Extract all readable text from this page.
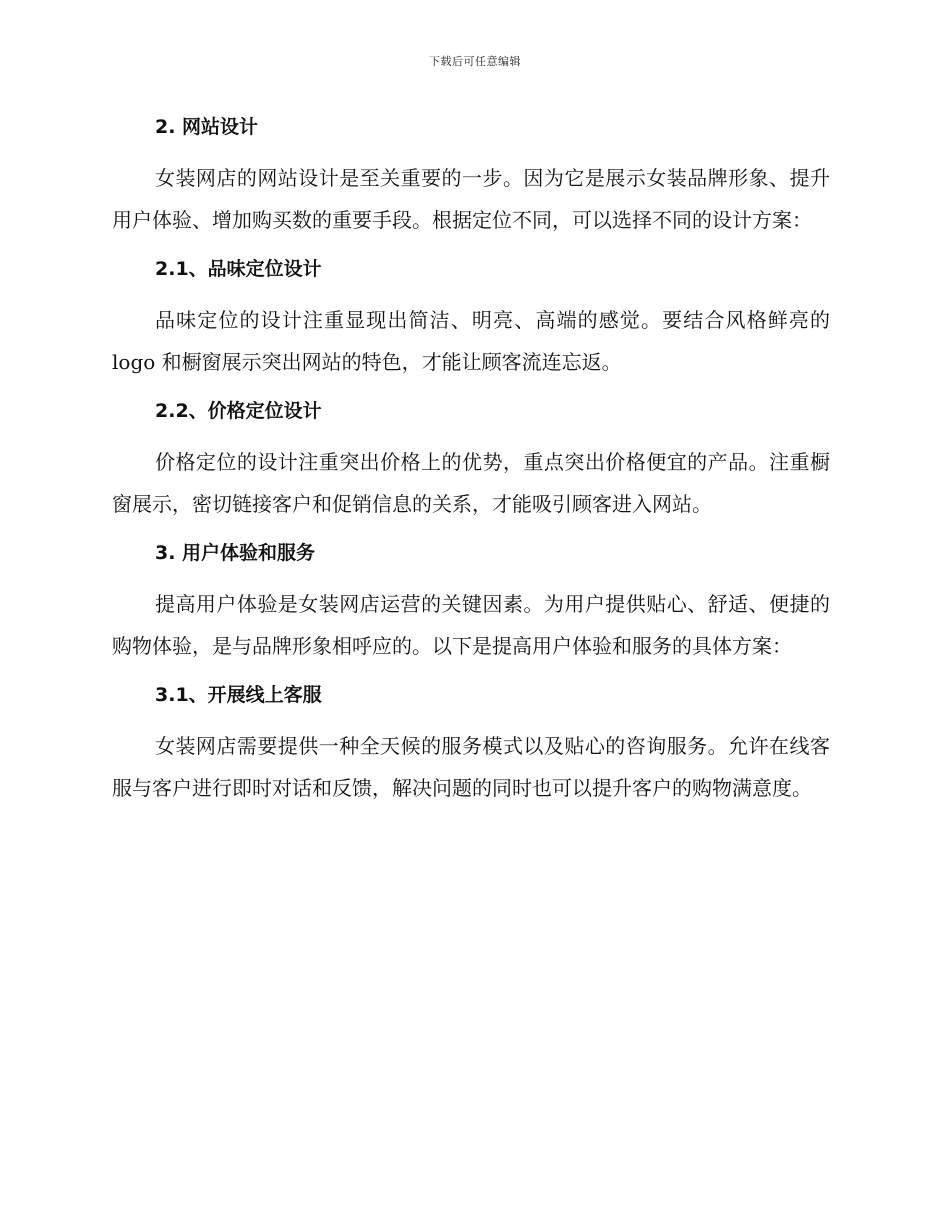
下载后可任意编辑
2. 网站设计

女装网店的网站设计是至关重要的一步。因为它是展示女装品牌形象、提升用户体验、增加购买数的重要手段。根据定位不同，可以选择不同的设计方案：

2.1、品味定位设计

品味定位的设计注重显现出简洁、明亮、高端的感觉。要结合风格鲜亮的 logo 和橱窗展示突出网站的特色，才能让顾客流连忘返。

2.2、价格定位设计

价格定位的设计注重突出价格上的优势，重点突出价格便宜的产品。注重橱窗展示，密切链接客户和促销信息的关系，才能吸引顾客进入网站。

3. 用户体验和服务

提高用户体验是女装网店运营的关键因素。为用户提供贴心、舒适、便捷的购物体验，是与品牌形象相呼应的。以下是提高用户体验和服务的具体方案：

3.1、开展线上客服

女装网店需要提供一种全天候的服务模式以及贴心的咨询服务。允许在线客服与客户进行即时对话和反馈，解决问题的同时也可以提升客户的购物满意度。
